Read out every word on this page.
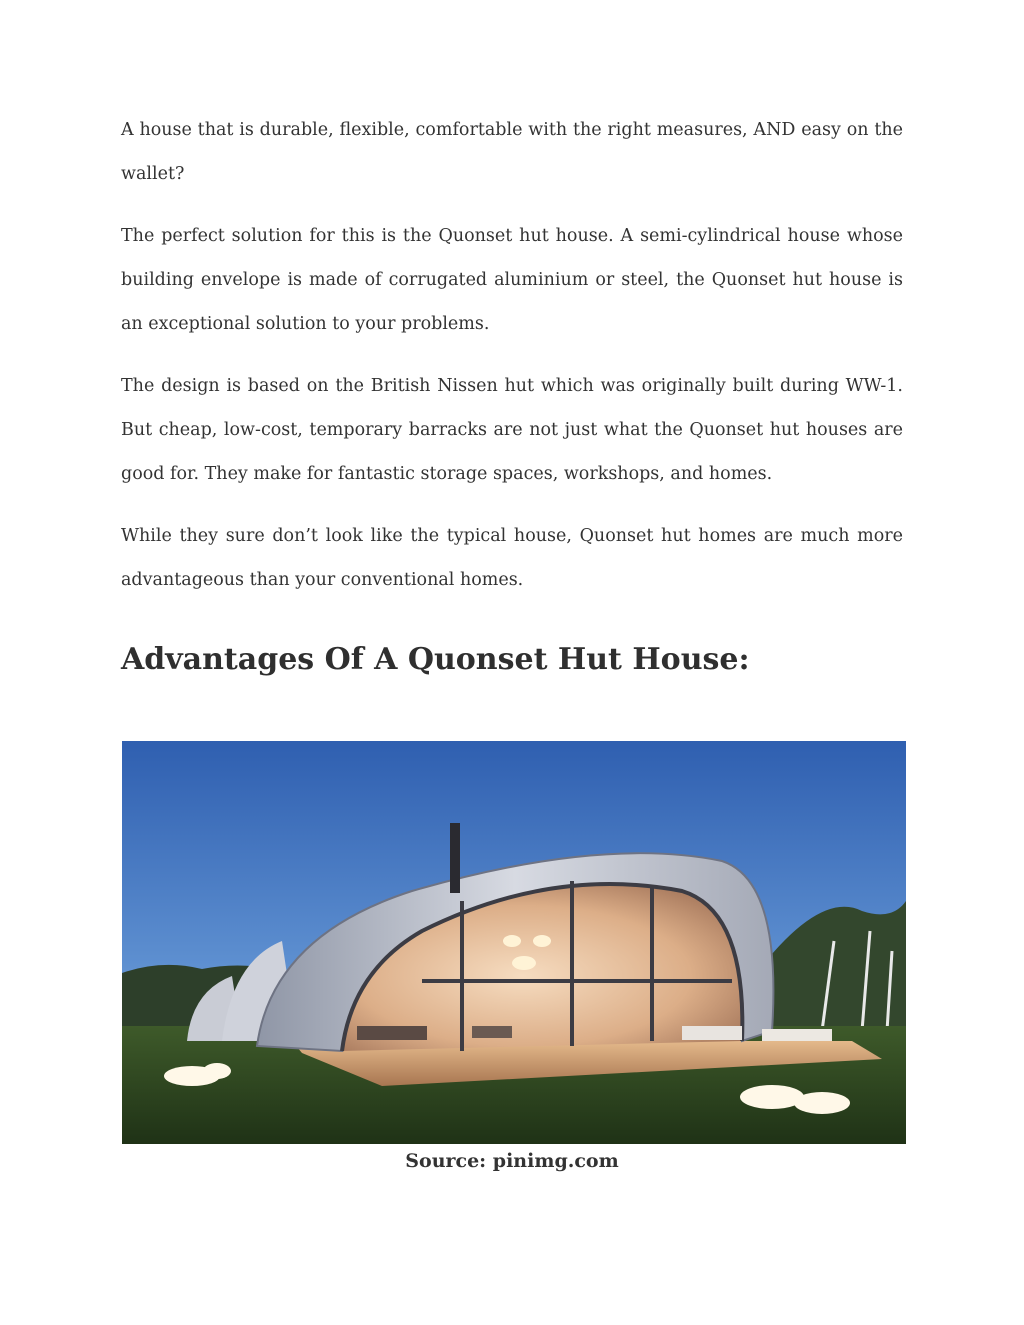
A house that is durable, flexible, comfortable with the right measures, AND easy on the wallet?

The perfect solution for this is the Quonset hut house. A semi-cylindrical house whose building envelope is made of corrugated aluminium or steel, the Quonset hut house is an exceptional solution to your problems.

The design is based on the British Nissen hut which was originally built during WW-1. But cheap, low-cost, temporary barracks are not just what the Quonset hut houses are good for. They make for fantastic storage spaces, workshops, and homes.

While they sure don’t look like the typical house, Quonset hut homes are much more advantageous than your conventional homes.

Advantages Of A Quonset Hut House:
Source: pinimg.com
